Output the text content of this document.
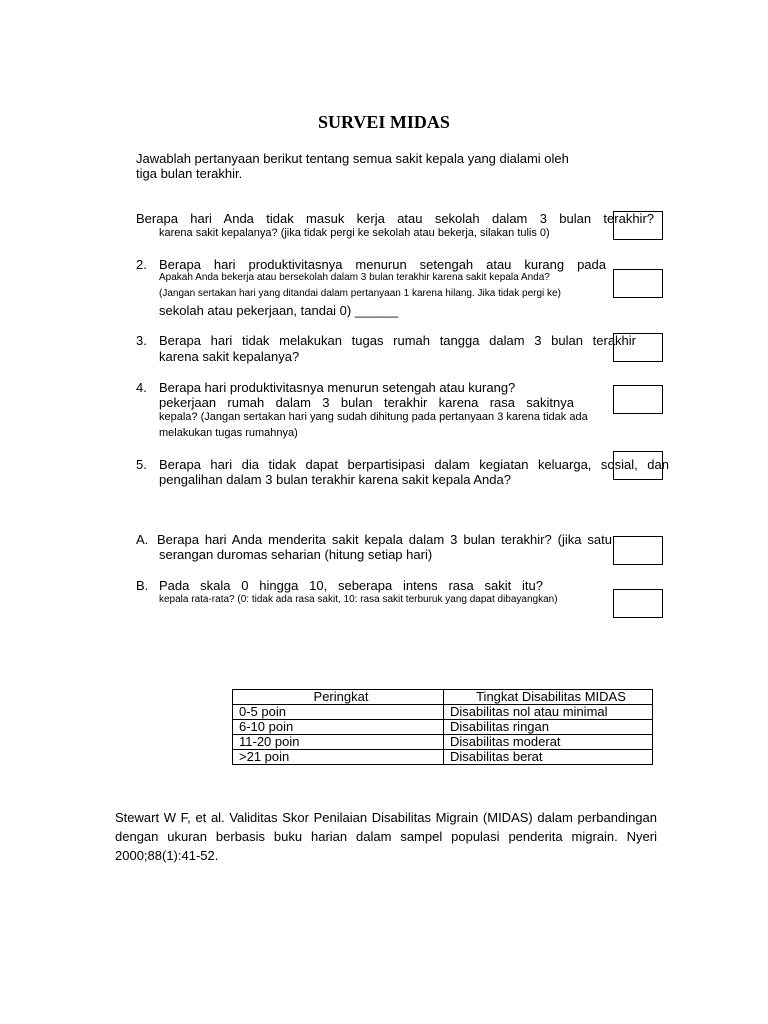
SURVEI MIDAS
Jawablah pertanyaan berikut tentang semua sakit kepala yang dialami oleh
tiga bulan terakhir.
Berapa hari Anda tidak masuk kerja atau sekolah dalam 3 bulan terakhir?
karena sakit kepalanya? (jika tidak pergi ke sekolah atau bekerja, silakan tulis 0)
2. Berapa hari produktivitasnya menurun setengah atau kurang pada
Apakah Anda bekerja atau bersekolah dalam 3 bulan terakhir karena sakit kepala Anda?
(Jangan sertakan hari yang ditandai dalam pertanyaan 1 karena hilang. Jika tidak pergi ke)
sekolah atau pekerjaan, tandai 0) ______
3. Berapa hari tidak melakukan tugas rumah tangga dalam 3 bulan terakhir
karena sakit kepalanya?
4. Berapa hari produktivitasnya menurun setengah atau kurang?
pekerjaan rumah dalam 3 bulan terakhir karena rasa sakitnya
kepala? (Jangan sertakan hari yang sudah dihitung pada pertanyaan 3 karena tidak ada
melakukan tugas rumahnya)
5. Berapa hari dia tidak dapat berpartisipasi dalam kegiatan keluarga, sosial, dan
pengalihan dalam 3 bulan terakhir karena sakit kepala Anda?
A. Berapa hari Anda menderita sakit kepala dalam 3 bulan terakhir? (jika satu
serangan duromas seharian (hitung setiap hari)
B. Pada skala 0 hingga 10, seberapa intens rasa sakit itu?
kepala rata-rata? (0: tidak ada rasa sakit, 10: rasa sakit terburuk yang dapat dibayangkan)
Peringkat	Tingkat Disabilitas MIDAS
0-5 poin	Disabilitas nol atau minimal
6-10 poin	Disabilitas ringan
11-20 poin	Disabilitas moderat
>21 poin	Disabilitas berat
Stewart W F, et al. Validitas Skor Penilaian Disabilitas Migrain (MIDAS) dalam perbandingan dengan ukuran berbasis buku harian dalam sampel populasi penderita migrain. Nyeri 2000;88(1):41-52.
